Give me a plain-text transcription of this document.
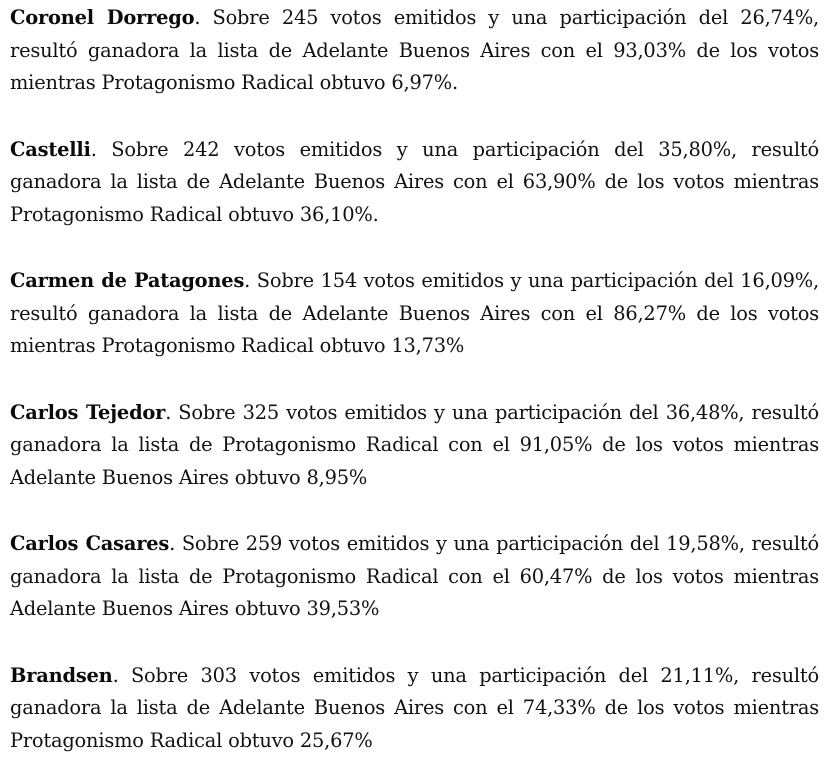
Coronel Dorrego. Sobre 245 votos emitidos y una participación del 26,74%, resultó ganadora la lista de Adelante Buenos Aires con el 93,03% de los votos mientras Protagonismo Radical obtuvo 6,97%.

Castelli. Sobre 242 votos emitidos y una participación del 35,80%, resultó ganadora la lista de Adelante Buenos Aires con el 63,90% de los votos mientras Protagonismo Radical obtuvo 36,10%.

Carmen de Patagones. Sobre 154 votos emitidos y una participación del 16,09%, resultó ganadora la lista de Adelante Buenos Aires con el 86,27% de los votos mientras Protagonismo Radical obtuvo 13,73%

Carlos Tejedor. Sobre 325 votos emitidos y una participación del 36,48%, resultó ganadora la lista de Protagonismo Radical con el 91,05% de los votos mientras Adelante Buenos Aires obtuvo 8,95%

Carlos Casares. Sobre 259 votos emitidos y una participación del 19,58%, resultó ganadora la lista de Protagonismo Radical con el 60,47% de los votos mientras Adelante Buenos Aires obtuvo 39,53%

Brandsen. Sobre 303 votos emitidos y una participación del 21,11%, resultó ganadora la lista de Adelante Buenos Aires con el 74,33% de los votos mientras Protagonismo Radical obtuvo 25,67%
